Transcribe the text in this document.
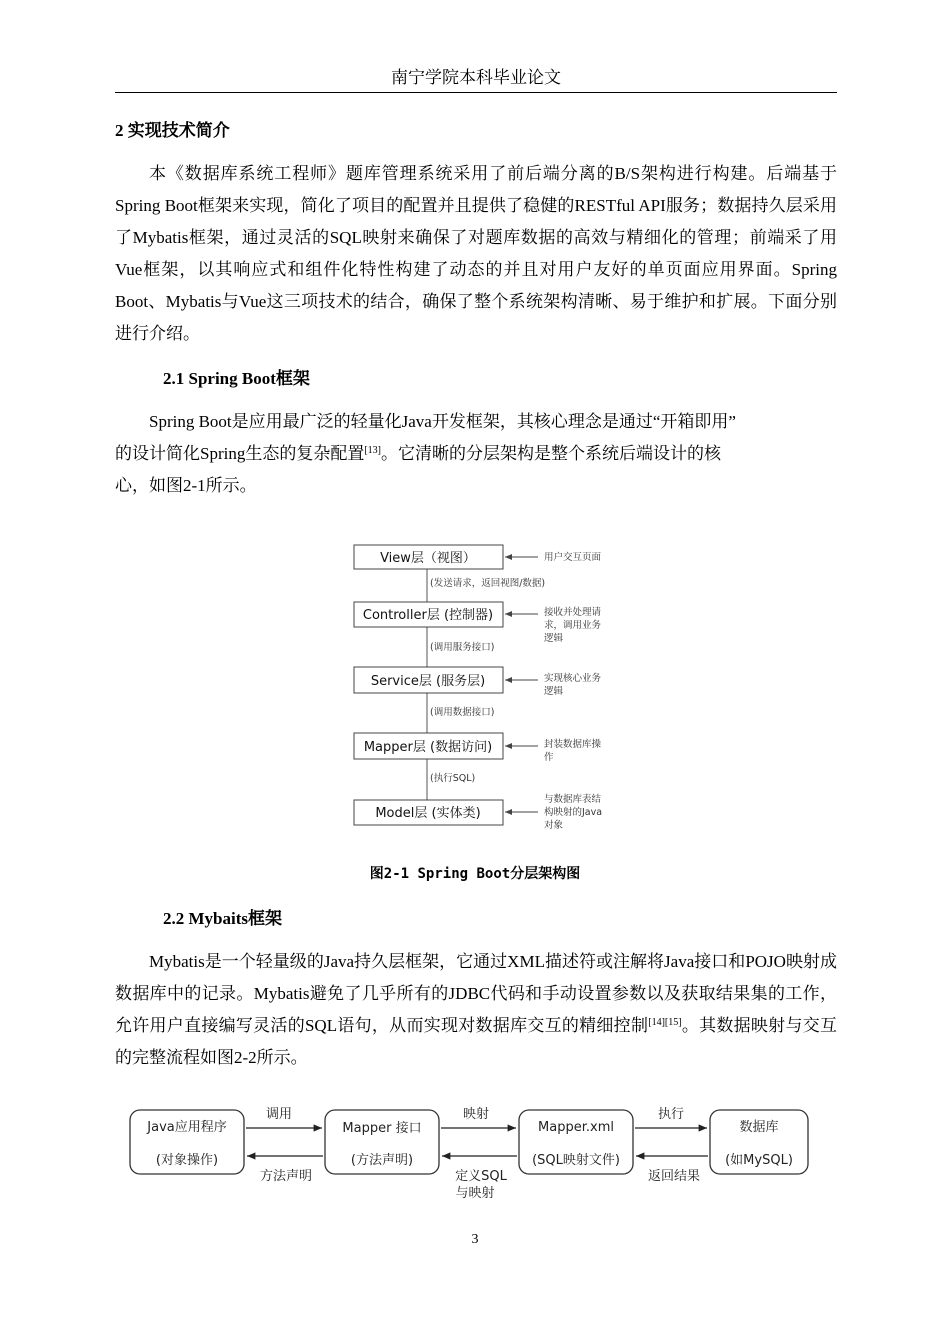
南宁学院本科毕业论文
2 实现技术简介

本《数据库系统工程师》题库管理系统采用了前后端分离的B/S架构进行构建。后端基于Spring Boot框架来实现，简化了项目的配置并且提供了稳健的RESTful API服务；数据持久层采用了Mybatis框架，通过灵活的SQL映射来确保了对题库数据的高效与精细化的管理；前端采了用Vue框架，以其响应式和组件化特性构建了动态的并且对用户友好的单页面应用界面。Spring Boot、Mybatis与Vue这三项技术的结合，确保了整个系统架构清晰、易于维护和扩展。下面分别进行介绍。

2.1 Spring Boot框架
Spring Boot是应用最广泛的轻量化Java开发框架，其核心理念是通过“开箱即用”
的设计简化Spring生态的复杂配置[13]。它清晰的分层架构是整个系统后端设计的核
心，如图2-1所示。
View层（视图）
Controller层 (控制器)
Service层 (服务层)
Mapper层 (数据访问)
Model层 (实体类)
(发送请求，返回视图/数据)
(调用服务接口)
(调用数据接口)
(执行SQL)
用户交互页面
接收并处理请
求，调用业务
逻辑
实现核心业务
逻辑
封装数据库操
作
与数据库表结
构映射的Java
对象
图2-1 Spring Boot分层架构图
2.2 Mybaits框架

Mybatis是一个轻量级的Java持久层框架，它通过XML描述符或注解将Java接口和POJO映射成数据库中的记录。Mybatis避免了几乎所有的JDBC代码和手动设置参数以及获取结果集的工作，允许用户直接编写灵活的SQL语句，从而实现对数据库交互的精细控制[14][15]。其数据映射与交互的完整流程如图2-2所示。

Java应用程序
(对象操作)
Mapper 接口
(方法声明)
Mapper.xml
(SQL映射文件)
数据库
(如MySQL)
调用	映射	执行
方法声明	定义SQL
与映射
返回结果
3
